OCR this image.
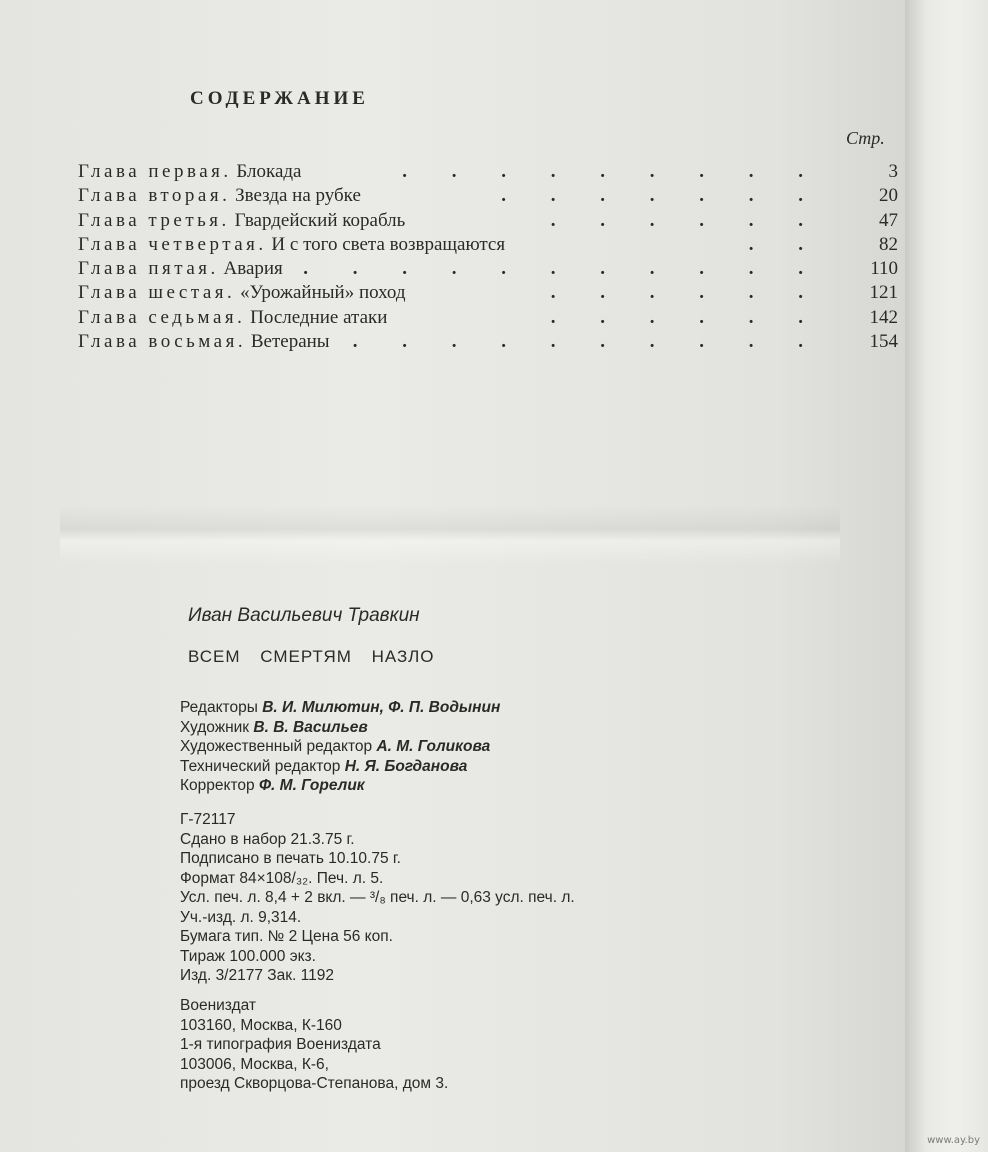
СОДЕРЖАНИЕ
Стр.
Глава первая. Блокада	. . . . . . . . .	3
Глава вторая. Звезда на рубке	. . . . . . .	20
Глава третья. Гвардейский корабль	. . . . . .	47
Глава четвертая. И с того света возвращаются	. .	82
Глава пятая. Авария . . . . . . . . . . . 110
Глава шестая. «Урожайный» поход	. . . . . . 121
Глава седьмая. Последние атаки	. . . . . . 142
Глава восьмая. Ветераны . . . . . . . . . . 154
Иван Васильевич Травкин
ВСЕМ СМЕРТЯМ НАЗЛО
Редакторы В. И. Милютин, Ф. П. Водынин
Художник В. В. Васильев
Художественный редактор А. М. Голикова
Технический редактор Н. Я. Богданова
Корректор Ф. М. Горелик
Г-72117
Сдано в набор 21.3.75 г.
Подписано в печать 10.10.75 г.
Формат 84×108/₃₂. Печ. л. 5.
Усл. печ. л. 8,4 + 2 вкл. — ³/₈ печ. л. — 0,63 усл. печ. л.
Уч.-изд. л. 9,314.
Бумага тип. № 2 Цена 56 коп.
Тираж 100.000 экз.
Изд. 3/2177 Зак. 1192
Воениздат
103160, Москва, К-160
1-я типография Воениздата
103006, Москва, К-6,
проезд Скворцова-Степанова, дом 3.
www.ay.by
